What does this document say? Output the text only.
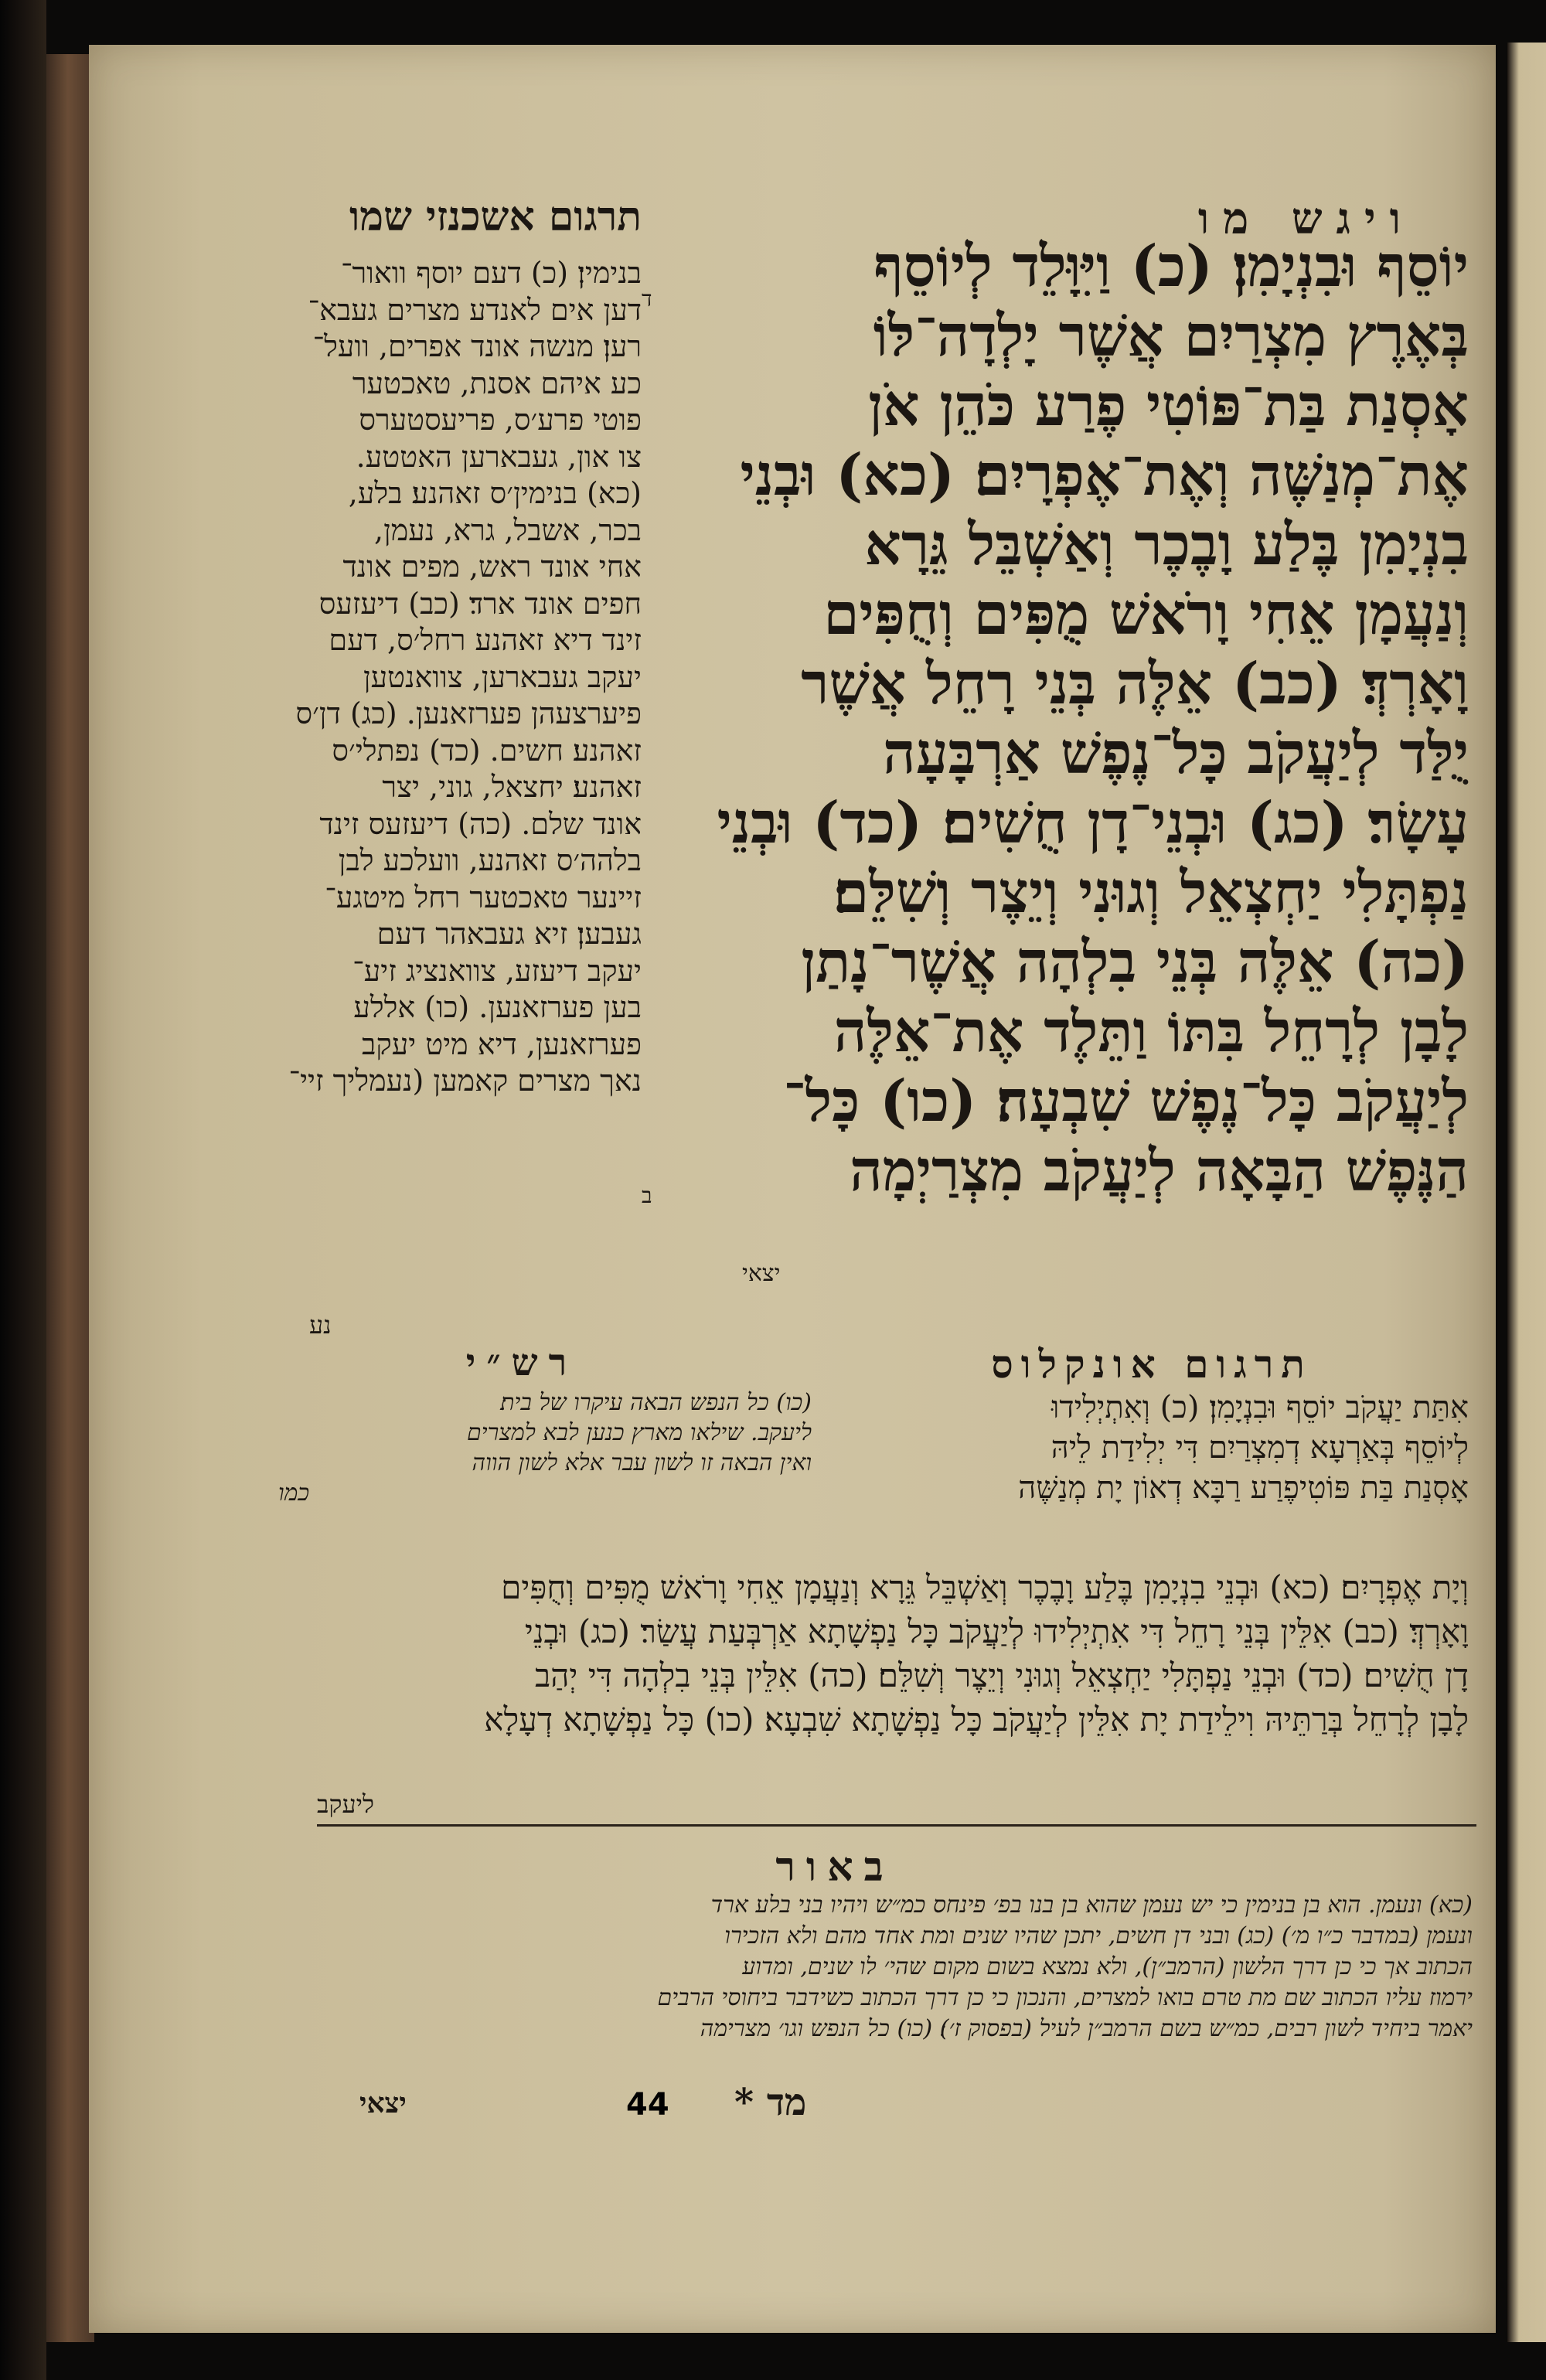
ויגש מו
תרגום אשכנזי שמו
יוֹסֵף וּבִנְיָמִן׃ (כ) וַיִּוָּלֵד לְיוֹסֵף
בְּאֶרֶץ מִצְרַיִם אֲשֶׁר יָלְדָה־לּוֹ
אָסְנַת בַּת־פּוֹטִי פֶרַע כֹּהֵן אֹן
אֶת־מְנַשֶּׁה וְאֶת־אֶפְרָיִם׃ (כא) וּבְנֵי
בִנְיָמִן בֶּלַע וָבֶכֶר וְאַשְׁבֵּל גֵּרָא
וְנַעֲמָן אֵחִי וָרֹאשׁ מֻפִּים וְחֻפִּים
וָאָרְדְּ׃ (כב) אֵלֶּה בְּנֵי רָחֵל אֲשֶׁר
יֻלַּד לְיַעֲקֹב כָּל־נֶפֶשׁ אַרְבָּעָה
עָשָׂר׃ (כג) וּבְנֵי־דָן חֻשִׁים׃ (כד) וּבְנֵי
נַפְתָּלִי יַחְצְאֵל וְגוּנִי וְיֵצֶר וְשִׁלֵּם׃
(כה) אֵלֶּה בְּנֵי בִלְהָה אֲשֶׁר־נָתַן
לָבָן לְרָחֵל בִּתּוֹ וַתֵּלֶד אֶת־אֵלֶּה
לְיַעֲקֹב כָּל־נֶפֶשׁ שִׁבְעָה׃ (כו) כָּל־
הַנֶּפֶשׁ הַבָּאָה לְיַעֲקֹב מִצְרַיְמָה
ד
ב
יצאי
בנימין׃ (כ) דעם יוסף וואור־
דען אים לאנדע מצרים געבא־
רען׃ מנשה אונד אפרים, וועל־
כע איהם אסנת, טאכטער
פוטי פרע׳ס, פריעסטערס
צו און, געבארען האטטע.
(כא) בנימין׳ס זאהנע׃ בלע,
בכר, אשבל, גרא, נעמן,
אחי אונד ראש, מפים אונד
חפים אונד ארד׃ (כב) דיעזעס
זינד דיא זאהנע רחל׳ס, דעם
יעקב געבארען, צוואנטען
פיערצעהן פערזאנען. (כג) דן׳ס
זאהנע׃ חשים. (כד) נפתלי׳ס
זאהנע׃ יחצאל, גוני, יצר
אונד שלם. (כה) דיעזעס זינד
בלהה׳ס זאהנע, וועלכע לבן
זיינער טאכטער רחל מיטגע־
געבען׃ זיא געבאהר דעם
יעקב דיעזע, צוואנציג זיע־
בען פערזאנען. (כו) אללע
פערזאנען, דיא מיט יעקב
נאך מצרים קאמען (נעמליך זיי־
נע
רש״י	תרגום אונקלוס
(כו) כל הנפש הבאה עיקרו של בית׃
ליעקב. שילאו מארץ כנען לבא למצרים
ואין הבאה זו לשון עבר אלא לשון הווה
כמו
אִתַּת יַעֲקֹב יוֹסֵף וּבִנְיָמִן׃ (כ) וְאִתְיְלִידוּ
לְיוֹסֵף בְּאַרְעָא דְמִצְרַיִם דִּי יְלִידַת לֵיהּ
אָסְנַת בַּת פּוֹטִיפֶרַע רַבָּא דְאוֹן יָת מְנַשֶּׁה
וְיָת אֶפְרָיִם׃ (כא) וּבְנֵי בִנְיָמִן בֶּלַע וָבֶכֶר וְאַשְׁבֵּל גֵּרָא וְנַעֲמָן אֵחִי וָרֹאשׁ מֻפִּים וְחֻפִּים
וָאָרְדְּ׃ (כב) אִלֵּין בְּנֵי רָחֵל דִּי אִתְיְלִידוּ לְיַעֲקֹב כָּל נַפְשָׁתָא אַרְבְּעַת עֲשַׂר׃ (כג) וּבְנֵי
דָן חֻשִׁים׃ (כד) וּבְנֵי נַפְתָּלִי יַחְצְאֵל וְגוּנִי וְיֵצֶר וְשִׁלֵּם׃ (כה) אִלֵּין בְּנֵי בִלְהָה דִּי יְהַב
לָבָן לְרָחֵל בְּרַתֵּיהּ וִילֵידַת יָת אִלֵּין לְיַעֲקֹב כָּל נַפְשָׁתָא שִׁבְעָא׃ (כו) כָּל נַפְשָׁתָא דְעָלָא
ליעקב
באור
(כא) ונעמן. הוא בן בנימין כי יש נעמן שהוא בן בנו בפ׳ פינחס כמ״ש ויהיו בני בלע ארד
ונעמן (במדבר כ״ו מ׳) (כג) ובני דן חשים, יתכן שהיו שנים ומת אחד מהם ולא הזכירו
הכתוב אך כי כן דרך הלשון (הרמב״ן), ולא נמצא בשום מקום שהי׳ לו שנים, ומדוע
ירמוז עליו הכתוב שם מת טרם בואו למצרים, והנכון כי כן דרך הכתוב כשידבר ביחוסי הרבים
יאמר ביחיד לשון רבים, כמ״ש בשם הרמב״ן לעיל (בפסוק ז׳)׃ (כו) כל הנפש וגו׳ מצרימה
יצאי	44 מד *
